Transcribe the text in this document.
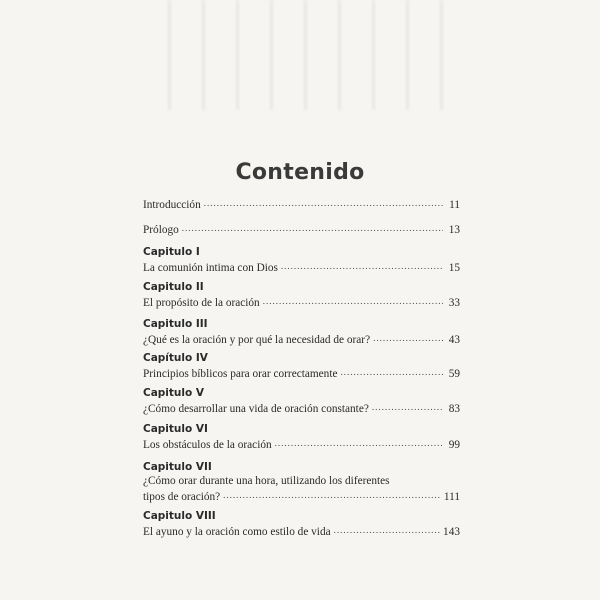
Contenido
Introducción .....	11
Prólogo .....	13
Capitulo I
La comunión intima con Dios .....	15
Capitulo II
El propósito de la oración .....	33
Capitulo III
¿Qué es la oración y por qué la necesidad de orar? .....	43
Capítulo IV
Principios bíblicos para orar correctamente .....	59
Capitulo V
¿Cómo desarrollar una vida de oración constante? .....	83
Capitulo VI
Los obstáculos de la oración .....	99
Capitulo VII
¿Cómo orar durante una hora, utilizando los diferentes
tipos de oración? .....	111
Capitulo VIII
El ayuno y la oración como estilo de vida .....	143
